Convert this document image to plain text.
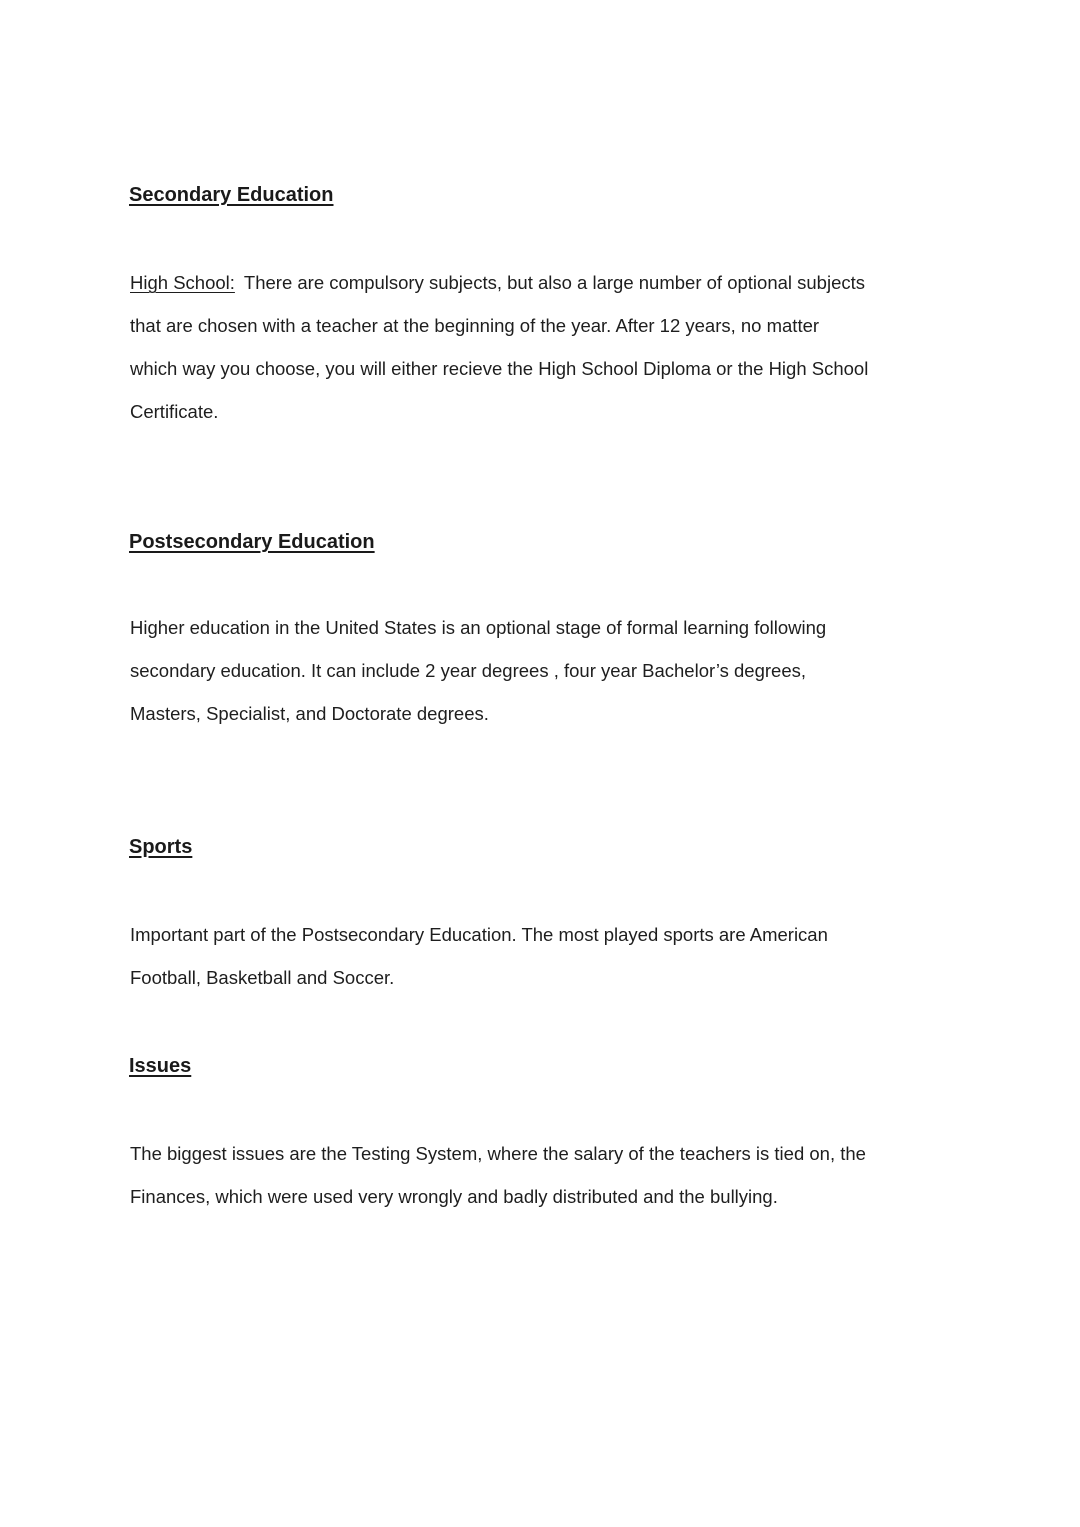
Secondary Education
High School: There are compulsory subjects, but also a large number of optional subjects
that are chosen with a teacher at the beginning of the year. After 12 years, no matter
which way you choose, you will either recieve the High School Diploma or the High School
Certificate.
Postsecondary Education
Higher education in the United States is an optional stage of formal learning following
secondary education. It can include 2 year degrees , four year Bachelor’s degrees,
Masters, Specialist, and Doctorate degrees.
Sports
Important part of the Postsecondary Education. The most played sports are American
Football, Basketball and Soccer.
Issues
The biggest issues are the Testing System, where the salary of the teachers is tied on, the
Finances, which were used very wrongly and badly distributed and the bullying.
